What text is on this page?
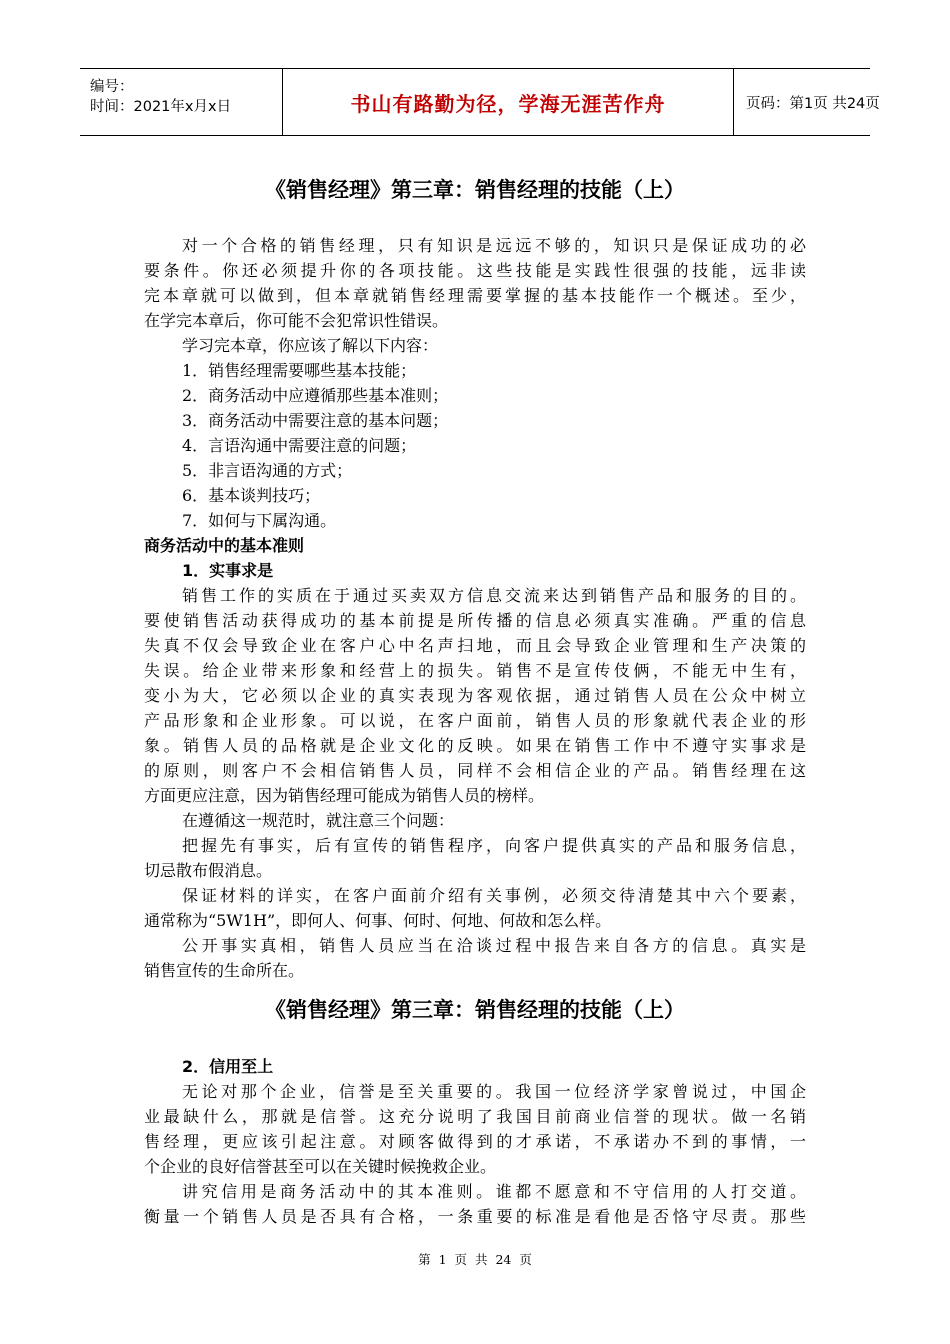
编号：
时间：2021年x月x日	书山有路勤为径，学海无涯苦作舟	页码：第1页 共24页
《销售经理》第三章：销售经理的技能（上）
对一个合格的销售经理，只有知识是远远不够的，知识只是保证成功的必
要条件。你还必须提升你的各项技能。这些技能是实践性很强的技能，远非读
完本章就可以做到，但本章就销售经理需要掌握的基本技能作一个概述。至少，
在学完本章后，你可能不会犯常识性错误。
学习完本章，你应该了解以下内容：
1．销售经理需要哪些基本技能；
2．商务活动中应遵循那些基本准则；
3．商务活动中需要注意的基本问题；
4．言语沟通中需要注意的问题；
5．非言语沟通的方式；
6．基本谈判技巧；
7．如何与下属沟通。
商务活动中的基本准则
1．实事求是
销售工作的实质在于通过买卖双方信息交流来达到销售产品和服务的目的。
要使销售活动获得成功的基本前提是所传播的信息必须真实准确。严重的信息
失真不仅会导致企业在客户心中名声扫地，而且会导致企业管理和生产决策的
失误。给企业带来形象和经营上的损失。销售不是宣传伎俩，不能无中生有，
变小为大，它必须以企业的真实表现为客观依据，通过销售人员在公众中树立
产品形象和企业形象。可以说，在客户面前，销售人员的形象就代表企业的形
象。销售人员的品格就是企业文化的反映。如果在销售工作中不遵守实事求是
的原则，则客户不会相信销售人员，同样不会相信企业的产品。销售经理在这
方面更应注意，因为销售经理可能成为销售人员的榜样。
在遵循这一规范时，就注意三个问题：
把握先有事实，后有宣传的销售程序，向客户提供真实的产品和服务信息，
切忌散布假消息。
保证材料的详实，在客户面前介绍有关事例，必须交待清楚其中六个要素，
通常称为“5W1H”，即何人、何事、何时、何地、何故和怎么样。
公开事实真相，销售人员应当在洽谈过程中报告来自各方的信息。真实是
销售宣传的生命所在。
《销售经理》第三章：销售经理的技能（上）
2．信用至上
无论对那个企业，信誉是至关重要的。我国一位经济学家曾说过，中国企
业最缺什么，那就是信誉。这充分说明了我国目前商业信誉的现状。做一名销
售经理，更应该引起注意。对顾客做得到的才承诺，不承诺办不到的事情，一
个企业的良好信誉甚至可以在关键时候挽救企业。
讲究信用是商务活动中的其本准则。谁都不愿意和不守信用的人打交道。
衡量一个销售人员是否具有合格，一条重要的标准是看他是否恪守尽责。那些
第 1 页 共 24 页
